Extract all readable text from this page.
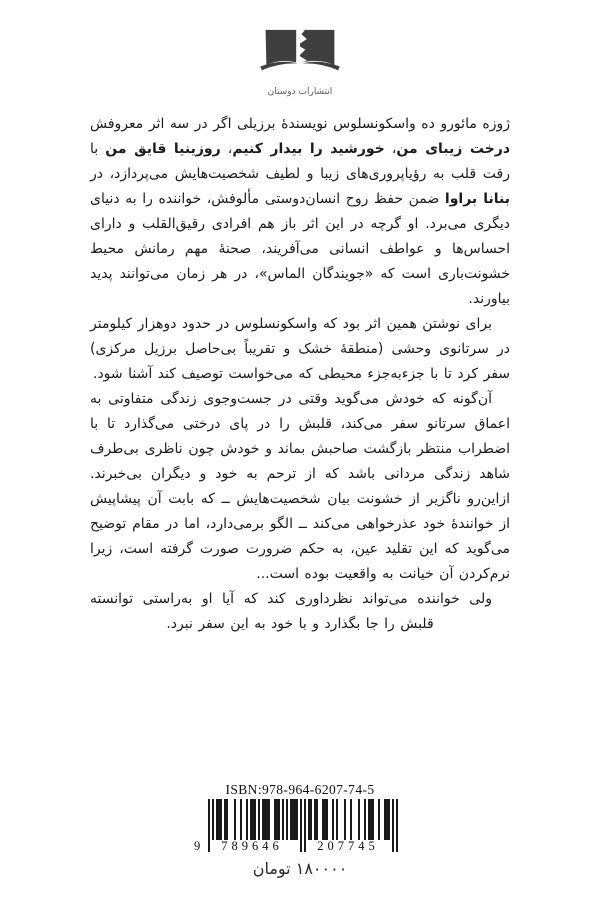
انتشارات دوستان

ژوزه مائورو ده واسکونسلوس نویسندهٔ برزیلی اگر در سه اثر معروفش درخت زیبای من، خورشید را بیدار کنیم، روزینیا قایق من با رقت قلب به رؤیاپروری‌های زیبا و لطیف شخصیت‌هایش می‌پردازد، در بنانا براوا ضمن حفظ روح انسان‌دوستی مألوفش، خواننده را به دنیای دیگری می‌برد. او گرچه در این اثر باز هم افرادی رقیق‌القلب و دارای احساس‌ها و عواطف انسانی می‌آفریند، صحنهٔ مهم رمانش محیط خشونت‌باری است که «جویندگان الماس»، در هر زمان می‌توانند پدید بیاورند.

برای نوشتن همین اثر بود که واسکونسلوس در حدود دوهزار کیلومتر در سرتانوی وحشی (منطقهٔ خشک و تقریباً بی‌حاصل برزیل مرکزی) سفر کرد تا با جزءبه‌جزء محیطی که می‌خواست توصیف کند آشنا شود.

آن‌گونه که خودش می‌گوید وقتی در جست‌وجوی زندگی متفاوتی به اعماق سرتانو سفر می‌کند، قلبش را در پای درختی می‌گذارد تا با اضطراب منتظر بازگشت صاحبش بماند و خودش چون ناظری بی‌طرف شاهد زندگی مردانی باشد که از ترحم به خود و دیگران بی‌خبرند. ازاین‌رو ناگزیر از خشونت بیان شخصیت‌هایش ــ که بابت آن پیشاپیش از خوانندهٔ خود عذرخواهی می‌کند ــ الگو برمی‌دارد، اما در مقام توضیح می‌گوید که این تقلید عین، به حکم ضرورت صورت گرفته است، زیرا نرم‌کردن آن خیانت به واقعیت بوده است...

ولی خواننده می‌تواند نظرداوری کند که آیا او به‌راستی توانسته قلبش را جا بگذارد و با خود به این سفر نبرد.

ISBN:978-964-6207-74-5
9	789646	207745
۱۸۰۰۰۰ تومان
